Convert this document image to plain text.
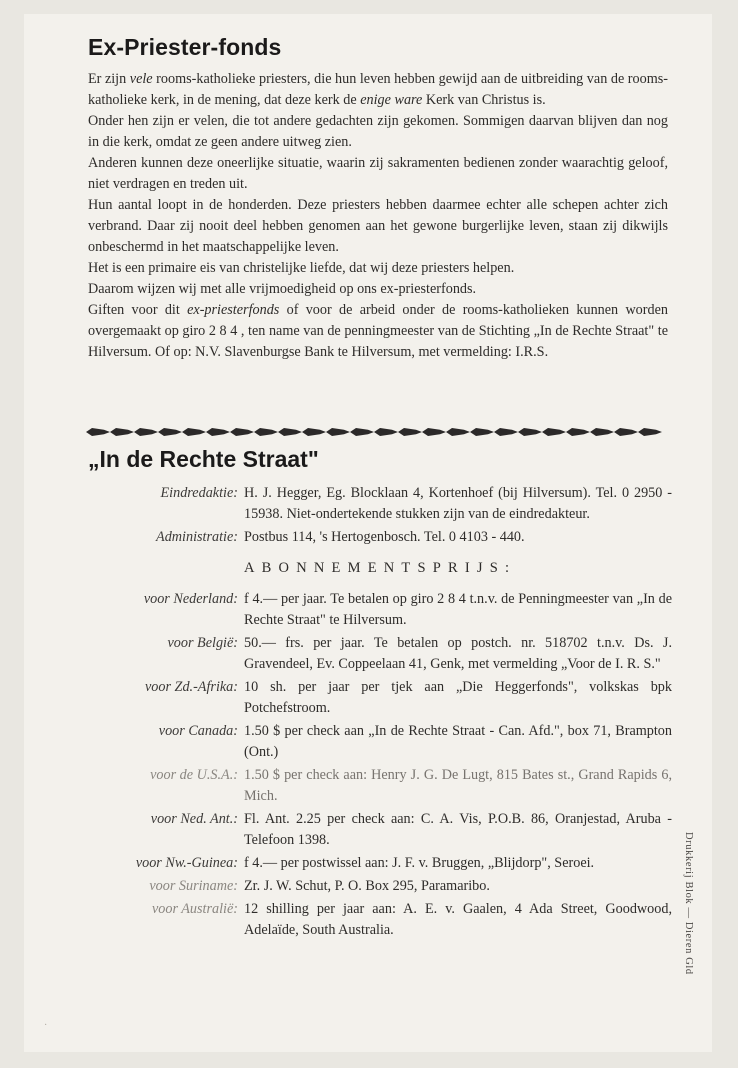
Ex-Priester-fonds

Er zijn vele rooms-katholieke priesters, die hun leven hebben gewijd aan de uitbreiding van de rooms-katholieke kerk, in de mening, dat deze kerk de enige ware Kerk van Christus is.

Onder hen zijn er velen, die tot andere gedachten zijn gekomen. Sommigen daarvan blijven dan nog in die kerk, omdat ze geen andere uitweg zien.

Anderen kunnen deze oneerlijke situatie, waarin zij sakramenten bedienen zonder waarachtig geloof, niet verdragen en treden uit.

Hun aantal loopt in de honderden. Deze priesters hebben daarmee echter alle schepen achter zich verbrand. Daar zij nooit deel hebben genomen aan het gewone burgerlijke leven, staan zij dikwijls onbeschermd in het maatschappelijke leven.

Het is een primaire eis van christelijke liefde, dat wij deze priesters helpen.

Daarom wijzen wij met alle vrijmoedigheid op ons ex-priesterfonds.

Giften voor dit ex-priesterfonds of voor de arbeid onder de rooms-katholieken kunnen worden overgemaakt op giro 2 8 4 , ten name van de penningmeester van de Stichting „In de Rechte Straat" te Hilversum. Of op: N.V. Slavenburgse Bank te Hilversum, met vermelding: I.R.S.

„In de Rechte Straat"
Eindredaktie: H. J. Hegger, Eg. Blocklaan 4, Kortenhoef (bij Hilversum). Tel. 0 2950 - 15938. Niet-ondertekende stukken zijn van de eindredakteur.
Administratie: Postbus 114, 's Hertogenbosch. Tel. 0 4103 - 440.
ABONNEMENTSPRIJS:
voor Nederland: f 4.— per jaar. Te betalen op giro 2 8 4 t.n.v. de Penningmeester van „In de Rechte Straat" te Hilversum.
voor België: 50.— frs. per jaar. Te betalen op postch. nr. 518702 t.n.v. Ds. J. Gravendeel, Ev. Coppeelaan 41, Genk, met vermelding „Voor de I. R. S."
voor Zd.-Afrika: 10 sh. per jaar per tjek aan „Die Heggerfonds", volkskas bpk Potchefstroom.
voor Canada: 1.50 $ per check aan „In de Rechte Straat - Can. Afd.", box 71, Brampton (Ont.)
voor de U.S.A.: 1.50 $ per check aan: Henry J. G. De Lugt, 815 Bates st., Grand Rapids 6, Mich.
voor Ned. Ant.: Fl. Ant. 2.25 per check aan: C. A. Vis, P.O.B. 86, Oranjestad, Aruba - Telefoon 1398.
voor Nw.-Guinea: f 4.— per postwissel aan: J. F. v. Bruggen, „Blijdorp", Seroei.
voor Suriname: Zr. J. W. Schut, P. O. Box 295, Paramaribo.
voor Australië: 12 shilling per jaar aan: A. E. v. Gaalen, 4 Ada Street, Goodwood, Adelaïde, South Australia.	Drukkerij Blok — Dieren Gld
·
